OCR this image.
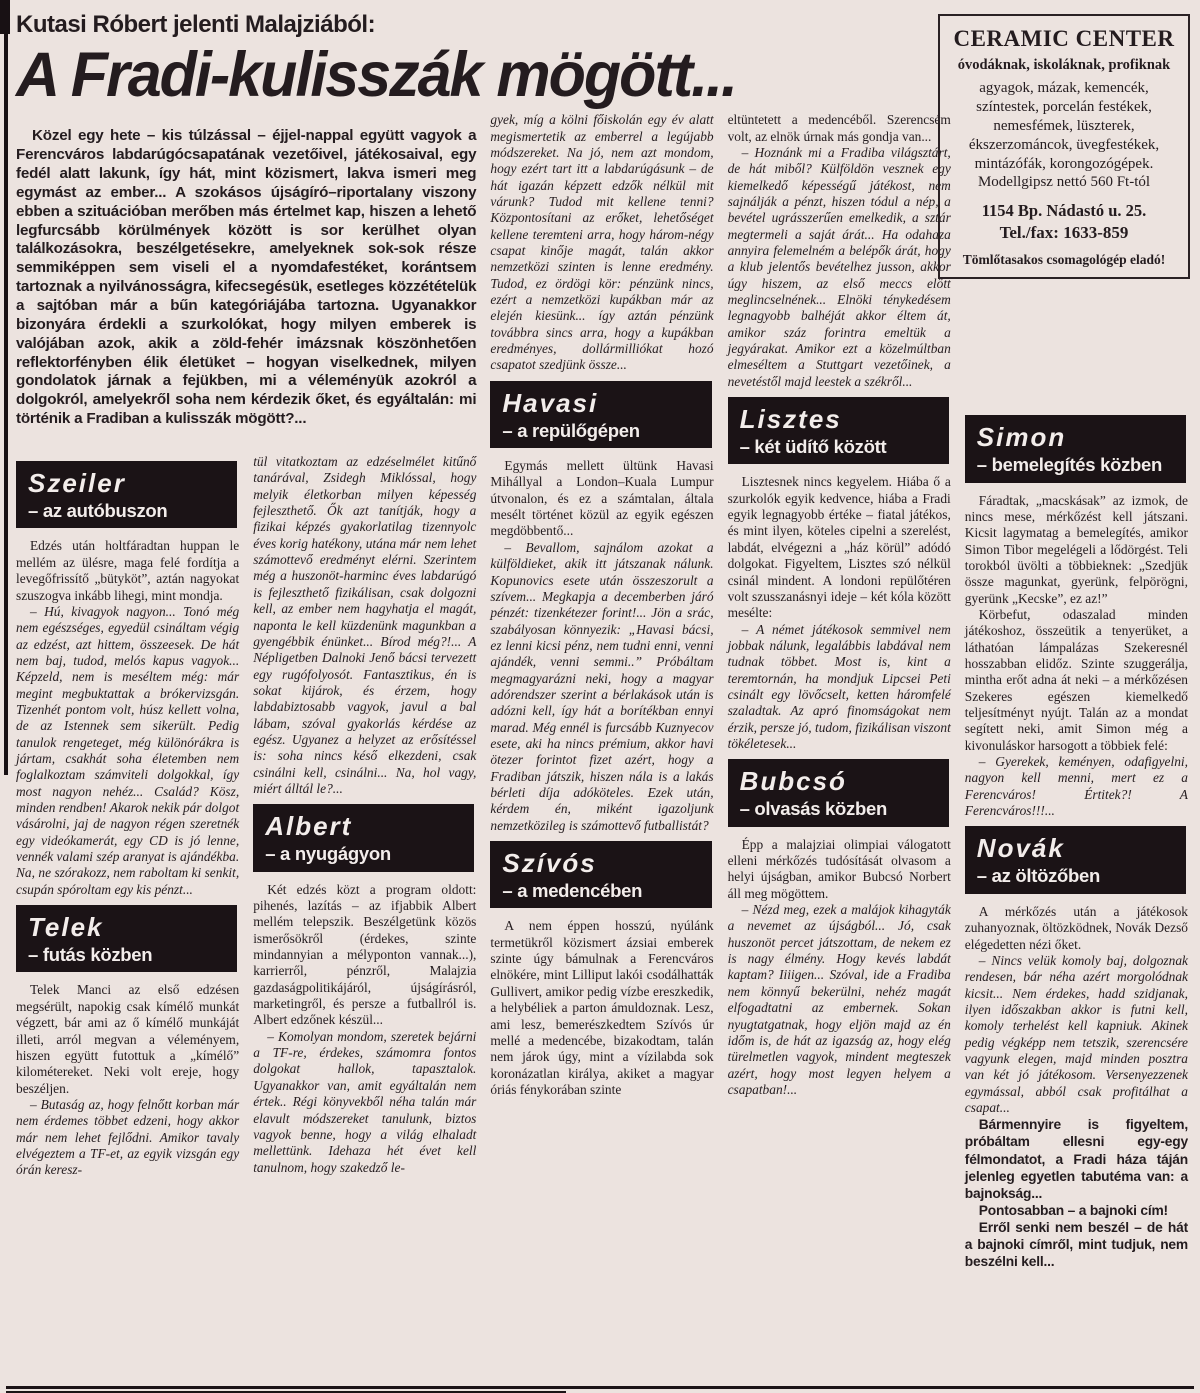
Kutasi Róbert jelenti Malajziából:
A Fradi-kulisszák mögött...
CERAMIC CENTER
óvodáknak, iskoláknak, profiknak
agyagok, mázak, kemencék, színtestek, porcelán festékek, nemesfémek, lüszterek, ékszerzománcok, üvegfestékek, mintázófák, korongozógépek. Modellgipsz nettó 560 Ft-tól
1154 Bp. Nádastó u. 25.
Tel./fax: 1633-859
Tömlőtasakos csomagológép eladó!

Közel egy hete – kis túlzással – éjjel-nappal együtt vagyok a Ferencváros labdarúgócsapatának vezetőivel, játékosaival, egy fedél alatt lakunk, így hát, mint közismert, lakva ismeri meg egymást az ember... A szokásos újságíró–riportalany viszony ebben a szituációban merőben más értelmet kap, hiszen a lehető legfurcsább körülmények között is sor kerülhet olyan találkozásokra, beszélgetésekre, amelyeknek sok-sok része semmiképpen sem viseli el a nyomdafestéket, korántsem tartoznak a nyilvánosságra, kifecsegésük, esetleges közzétételük a sajtóban már a bűn kategóriájába tartozna. Ugyanakkor bizonyára érdekli a szurkolókat, hogy milyen emberek is valójában azok, akik a zöld-fehér imázsnak köszönhetően reflektorfényben élik életüket – hogyan viselkednek, milyen gondolatok járnak a fejükben, mi a véleményük azokról a dolgokról, amelyekről soha nem kérdezik őket, és egyáltalán: mi történik a Fradiban a kulisszák mögött?...

Szeiler
– az autóbuszon

Edzés után holtfáradtan huppan le mellém az ülésre, maga felé fordítja a levegőfrissítő „bütyköt”, aztán nagyokat szuszogva inkább lihegi, mint mondja.

– Hú, kivagyok nagyon... Tonó még nem egészséges, egyedül csináltam végig az edzést, azt hittem, összeesek. De hát nem baj, tudod, melós kapus vagyok... Képzeld, nem is meséltem még: már megint megbuktattak a brókervizsgán. Tizenhét pontom volt, húsz kellett volna, de az Istennek sem sikerült. Pedig tanulok rengeteget, még különórákra is jártam, csakhát soha életemben nem foglalkoztam számviteli dolgokkal, így most nagyon nehéz... Család? Kösz, minden rendben! Akarok nekik pár dolgot vásárolni, jaj de nagyon régen szeretnék egy videókamerát, egy CD is jó lenne, vennék valami szép aranyat is ajándékba. Na, ne szórakozz, nem raboltam ki senkit, csupán spóroltam egy kis pénzt...

Telek
– futás közben

Telek Manci az első edzésen megsérült, napokig csak kímélő munkát végzett, bár ami az ő kímélő munkáját illeti, arról megvan a véleményem, hiszen együtt futottuk a „kímélő” kilométereket. Neki volt ereje, hogy beszéljen.

– Butaság az, hogy felnőtt korban már nem érdemes többet edzeni, hogy akkor már nem lehet fejlődni. Amikor tavaly elvégeztem a TF-et, az egyik vizsgán egy órán keresz-

tül vitatkoztam az edzéselmélet kitűnő tanárával, Zsidegh Miklóssal, hogy melyik életkorban milyen képesség fejleszthető. Ők azt tanítják, hogy a fizikai képzés gyakorlatilag tizennyolc éves korig hatékony, utána már nem lehet számottevő eredményt elérni. Szerintem még a huszonöt-harminc éves labdarúgó is fejleszthető fizikálisan, csak dolgozni kell, az ember nem hagyhatja el magát, naponta le kell küzdenünk magunkban a gyengébbik énünket... Bírod még?!... A Népligetben Dalnoki Jenő bácsi tervezett egy rugófolyosót. Fantasztikus, én is sokat kijárok, és érzem, hogy labdabiztosabb vagyok, javul a bal lábam, szóval gyakorlás kérdése az egész. Ugyanez a helyzet az erősítéssel is: soha nincs késő elkezdeni, csak csinálni kell, csinálni... Na, hol vagy, miért álltál le?...

Albert
– a nyugágyon

Két edzés közt a program oldott: pihenés, lazítás – az ifjabbik Albert mellém telepszik. Beszélgetünk közös ismerősökről (érdekes, szinte mindannyian a mélyponton vannak...), karrierről, pénzről, Malajzia gazdaságpolitikájáról, újságírásról, marketingről, és persze a futballról is. Albert edzőnek készül...

– Komolyan mondom, szeretek bejárni a TF-re, érdekes, számomra fontos dolgokat hallok, tapasztalok. Ugyanakkor van, amit egyáltalán nem értek.. Régi könyvekből néha talán már elavult módszereket tanulunk, biztos vagyok benne, hogy a világ elhaladt mellettünk. Idehaza hét évet kell tanulnom, hogy szakedző le-

gyek, míg a kölni főiskolán egy év alatt megismertetik az emberrel a legújabb módszereket. Na jó, nem azt mondom, hogy ezért tart itt a labdarúgásunk – de hát igazán képzett edzők nélkül mit várunk? Tudod mit kellene tenni? Központosítani az erőket, lehetőséget kellene teremteni arra, hogy három-négy csapat kinője magát, talán akkor nemzetközi szinten is lenne eredmény. Tudod, ez ördögi kör: pénzünk nincs, ezért a nemzetközi kupákban már az elején kiesünk... így aztán pénzünk továbbra sincs arra, hogy a kupákban eredményes, dollármilliókat hozó csapatot szedjünk össze...

Havasi
– a repülőgépen

Egymás mellett ültünk Havasi Mihállyal a London–Kuala Lumpur útvonalon, és ez a számtalan, általa mesélt történet közül az egyik egészen megdöbbentő...

– Bevallom, sajnálom azokat a külföldieket, akik itt játszanak nálunk. Kopunovics esete után összeszorult a szívem... Megkapja a decemberben járó pénzét: tizenkétezer forint!... Jön a srác, szabályosan könnyezik: „Havasi bácsi, ez lenni kicsi pénz, nem tudni enni, venni ajándék, venni semmi..” Próbáltam megmagyarázni neki, hogy a magyar adórendszer szerint a bérlakások után is adózni kell, így hát a borítékban ennyi marad. Még ennél is furcsább Kuznyecov esete, aki ha nincs prémium, akkor havi ötezer forintot fizet azért, hogy a Fradiban játszik, hiszen nála is a lakás bérleti díja adóköteles. Ezek után, kérdem én, miként igazoljunk nemzetközileg is számottevő futballistát?

Szívós
– a medencében

A nem éppen hosszú, nyúlánk termetükről közismert ázsiai emberek szinte úgy bámulnak a Ferencváros elnökére, mint Lilliput lakói csodálhatták Gullivert, amikor pedig vízbe ereszkedik, a helybéliek a parton ámuldoznak. Lesz, ami lesz, bemerészkedtem Szívós úr mellé a medencébe, bizakodtam, talán nem járok úgy, mint a vízilabda sok koronázatlan királya, akiket a magyar óriás fénykorában szinte

eltüntetett a medencéből. Szerencsém volt, az elnök úrnak más gondja van...

– Hoznánk mi a Fradiba világsztárt, de hát miből? Külföldön vesznek egy kiemelkedő képességű játékost, nem sajnálják a pénzt, hiszen tódul a nép, a bevétel ugrásszerűen emelkedik, a sztár megtermeli a saját árát... Ha odahaza annyira felemelném a belépők árát, hogy a klub jelentős bevételhez jusson, akkor úgy hiszem, az első meccs előtt meglincselnének... Elnöki ténykedésem legnagyobb balhéját akkor éltem át, amikor száz forintra emeltük a jegyárakat. Amikor ezt a közelmúltban elmeséltem a Stuttgart vezetőinek, a nevetéstől majd leestek a székről...

Lisztes
– két üdítő között

Lisztesnek nincs kegyelem. Hiába ő a szurkolók egyik kedvence, hiába a Fradi egyik legnagyobb értéke – fiatal játékos, és mint ilyen, köteles cipelni a szerelést, labdát, elvégezni a „ház körül” adódó dolgokat. Figyeltem, Lisztes szó nélkül csinál mindent. A londoni repülőtéren volt szusszanásnyi ideje – két kóla között mesélte:

– A német játékosok semmivel nem jobbak nálunk, legalábbis labdával nem tudnak többet. Most is, kint a teremtornán, ha mondjuk Lipcsei Peti csinált egy lövőcselt, ketten háromfelé szaladtak. Az apró finomságokat nem érzik, persze jó, tudom, fizikálisan viszont tökéletesek...

Bubcsó
– olvasás közben

Épp a malajziai olimpiai válogatott elleni mérkőzés tudósítását olvasom a helyi újságban, amikor Bubcsó Norbert áll meg mögöttem.

– Nézd meg, ezek a malájok kihagyták a nevemet az újságból... Jó, csak huszonöt percet játszottam, de nekem ez is nagy élmény. Hogy kevés labdát kaptam? Iiiigen... Szóval, ide a Fradiba nem könnyű bekerülni, nehéz magát elfogadtatni az embernek. Sokan nyugtatgatnak, hogy eljön majd az én időm is, de hát az igazság az, hogy elég türelmetlen vagyok, mindent megteszek azért, hogy most legyen helyem a csapatban!...

Simon
– bemelegítés közben

Fáradtak, „macskásak” az izmok, de nincs mese, mérkőzést kell játszani. Kicsit lagymatag a bemelegítés, amikor Simon Tibor megelégeli a lődörgést. Teli torokból üvölti a többieknek: „Szedjük össze magunkat, gyerünk, felpörögni, gyerünk „Kecske”, ez az!”

Körbefut, odaszalad minden játékoshoz, összeütik a tenyerüket, a láthatóan lámpalázas Szekeresnél hosszabban elidőz. Szinte szuggerálja, mintha erőt adna át neki – a mérkőzésen Szekeres egészen kiemelkedő teljesítményt nyújt. Talán az a mondat segített neki, amit Simon még a kivonuláskor harsogott a többiek felé:

– Gyerekek, keményen, odafigyelni, nagyon kell menni, mert ez a Ferencváros! Értitek?! A Ferencváros!!!...

Novák
– az öltözőben

A mérkőzés után a játékosok zuhanyoznak, öltözködnek, Novák Dezső elégedetten nézi őket.

– Nincs velük komoly baj, dolgoznak rendesen, bár néha azért morgolódnak kicsit... Nem érdekes, hadd szidjanak, ilyen időszakban akkor is futni kell, komoly terhelést kell kapniuk. Akinek pedig végképp nem tetszik, szerencsére vagyunk elegen, majd minden posztra van két jó játékosom. Versenyezzenek egymással, abból csak profitálhat a csapat...

Bármennyire is figyeltem, próbáltam ellesni egy-egy félmondatot, a Fradi háza táján jelenleg egyetlen tabutéma van: a bajnokság...

Pontosabban – a bajnoki cím!

Erről senki nem beszél – de hát a bajnoki címről, mint tudjuk, nem beszélni kell...
